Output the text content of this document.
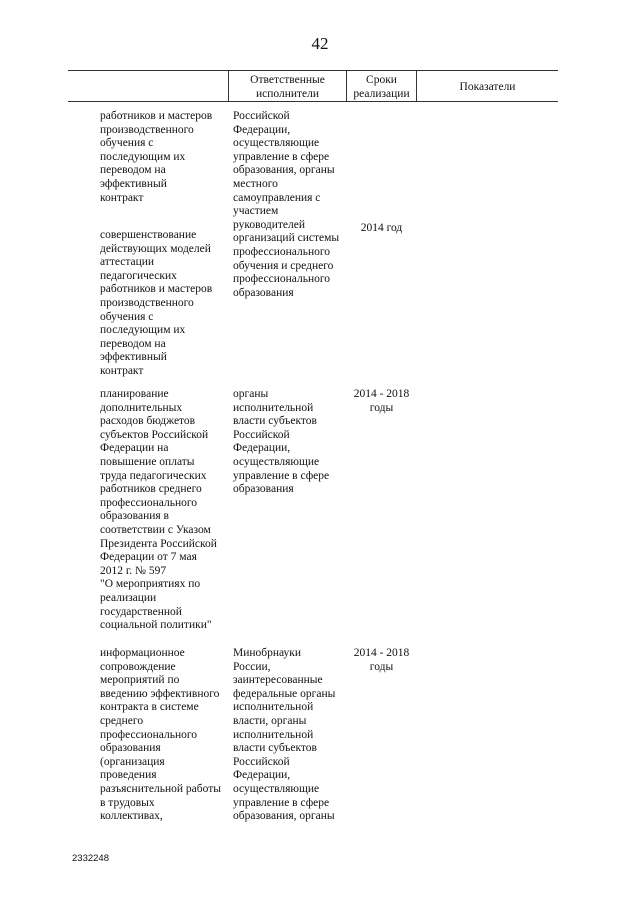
42
Ответственные
исполнители
Сроки
реализации
Показатели
работников и мастеров
производственного
обучения с
последующим их
переводом на
эффективный
контракт
Российской
Федерации,
осуществляющие
управление в сфере
образования, органы
местного
самоуправления с
участием
руководителей
организаций системы
профессионального
обучения и среднего
профессионального
образования
совершенствование
действующих моделей
аттестации
педагогических
работников и мастеров
производственного
обучения с
последующим их
переводом на
эффективный
контракт
2014 год
планирование
дополнительных
расходов бюджетов
субъектов Российской
Федерации на
повышение оплаты
труда педагогических
работников среднего
профессионального
образования в
соответствии с Указом
Президента Российской
Федерации от 7 мая
2012 г. № 597
"О мероприятиях по
реализации
государственной
социальной политики"
органы
исполнительной
власти субъектов
Российской
Федерации,
осуществляющие
управление в сфере
образования
2014 - 2018
годы
информационное
сопровождение
мероприятий по
введению эффективного
контракта в системе
среднего
профессионального
образования
(организация
проведения
разъяснительной работы
в трудовых
коллективах,
Минобрнауки
России,
заинтересованные
федеральные органы
исполнительной
власти, органы
исполнительной
власти субъектов
Российской
Федерации,
осуществляющие
управление в сфере
образования, органы
2014 - 2018
годы
2332248
